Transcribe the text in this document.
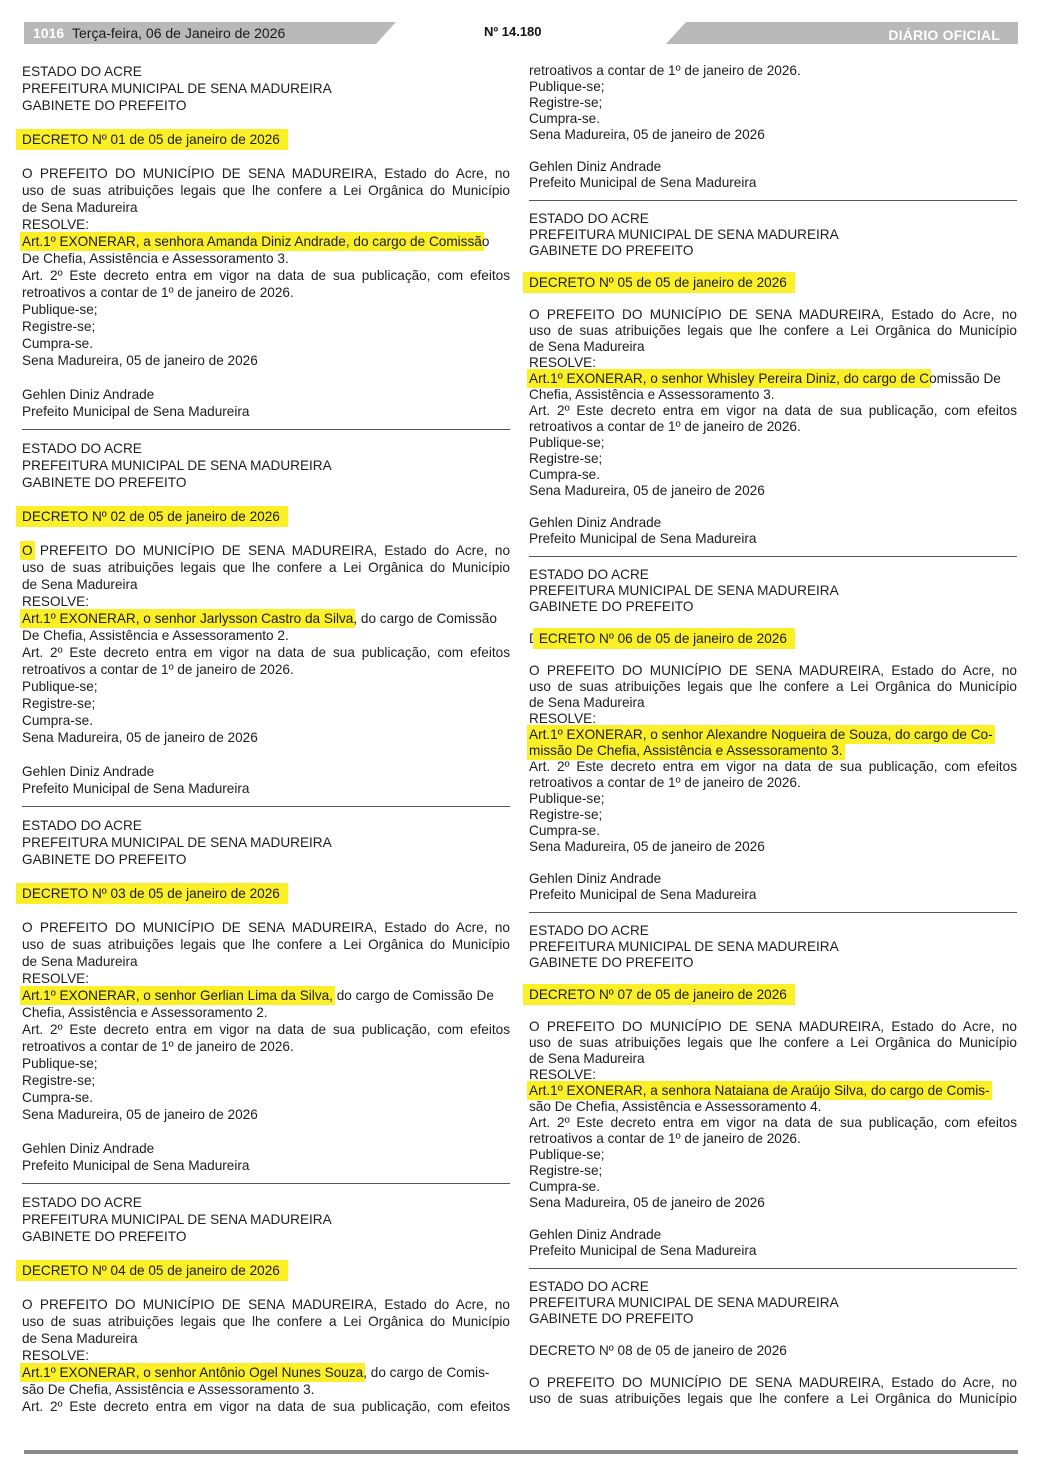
1016 Terça-feira, 06 de Janeiro de 2026	Nº 14.180	DIÁRIO OFICIAL
ESTADO DO ACRE
PREFEITURA MUNICIPAL DE SENA MADUREIRA
GABINETE DO PREFEITO
DECRETO Nº 01 de 05 de janeiro de 2026
O PREFEITO DO MUNICÍPIO DE SENA MADUREIRA, Estado do Acre, no
uso de suas atribuições legais que lhe confere a Lei Orgânica do Município
de Sena Madureira
RESOLVE:
Art.1º EXONERAR, a senhora Amanda Diniz Andrade, do cargo de Comissão
De Chefia, Assistência e Assessoramento 3.
Art. 2º Este decreto entra em vigor na data de sua publicação, com efeitos
retroativos a contar de 1º de janeiro de 2026.
Publique-se;
Registre-se;
Cumpra-se.
Sena Madureira, 05 de janeiro de 2026
Gehlen Diniz Andrade
Prefeito Municipal de Sena Madureira
ESTADO DO ACRE
PREFEITURA MUNICIPAL DE SENA MADUREIRA
GABINETE DO PREFEITO
DECRETO Nº 02 de 05 de janeiro de 2026
O PREFEITO DO MUNICÍPIO DE SENA MADUREIRA, Estado do Acre, no
uso de suas atribuições legais que lhe confere a Lei Orgânica do Município
de Sena Madureira
RESOLVE:
Art.1º EXONERAR, o senhor Jarlysson Castro da Silva, do cargo de Comissão
De Chefia, Assistência e Assessoramento 2.
Art. 2º Este decreto entra em vigor na data de sua publicação, com efeitos
retroativos a contar de 1º de janeiro de 2026.
Publique-se;
Registre-se;
Cumpra-se.
Sena Madureira, 05 de janeiro de 2026
Gehlen Diniz Andrade
Prefeito Municipal de Sena Madureira
ESTADO DO ACRE
PREFEITURA MUNICIPAL DE SENA MADUREIRA
GABINETE DO PREFEITO
DECRETO Nº 03 de 05 de janeiro de 2026
O PREFEITO DO MUNICÍPIO DE SENA MADUREIRA, Estado do Acre, no
uso de suas atribuições legais que lhe confere a Lei Orgânica do Município
de Sena Madureira
RESOLVE:
Art.1º EXONERAR, o senhor Gerlian Lima da Silva, do cargo de Comissão De
Chefia, Assistência e Assessoramento 2.
Art. 2º Este decreto entra em vigor na data de sua publicação, com efeitos
retroativos a contar de 1º de janeiro de 2026.
Publique-se;
Registre-se;
Cumpra-se.
Sena Madureira, 05 de janeiro de 2026
Gehlen Diniz Andrade
Prefeito Municipal de Sena Madureira
ESTADO DO ACRE
PREFEITURA MUNICIPAL DE SENA MADUREIRA
GABINETE DO PREFEITO
DECRETO Nº 04 de 05 de janeiro de 2026
O PREFEITO DO MUNICÍPIO DE SENA MADUREIRA, Estado do Acre, no
uso de suas atribuições legais que lhe confere a Lei Orgânica do Município
de Sena Madureira
RESOLVE:
Art.1º EXONERAR, o senhor Antônio Ogel Nunes Souza, do cargo de Comis-
são De Chefia, Assistência e Assessoramento 3.
Art. 2º Este decreto entra em vigor na data de sua publicação, com efeitos
retroativos a contar de 1º de janeiro de 2026.
Publique-se;
Registre-se;
Cumpra-se.
Sena Madureira, 05 de janeiro de 2026
Gehlen Diniz Andrade
Prefeito Municipal de Sena Madureira
ESTADO DO ACRE
PREFEITURA MUNICIPAL DE SENA MADUREIRA
GABINETE DO PREFEITO
DECRETO Nº 05 de 05 de janeiro de 2026
O PREFEITO DO MUNICÍPIO DE SENA MADUREIRA, Estado do Acre, no
uso de suas atribuições legais que lhe confere a Lei Orgânica do Município
de Sena Madureira
RESOLVE:
Art.1º EXONERAR, o senhor Whisley Pereira Diniz, do cargo de Comissão De
Chefia, Assistência e Assessoramento 3.
Art. 2º Este decreto entra em vigor na data de sua publicação, com efeitos
retroativos a contar de 1º de janeiro de 2026.
Publique-se;
Registre-se;
Cumpra-se.
Sena Madureira, 05 de janeiro de 2026
Gehlen Diniz Andrade
Prefeito Municipal de Sena Madureira
ESTADO DO ACRE
PREFEITURA MUNICIPAL DE SENA MADUREIRA
GABINETE DO PREFEITO
DECRETO Nº 06 de 05 de janeiro de 2026
O PREFEITO DO MUNICÍPIO DE SENA MADUREIRA, Estado do Acre, no
uso de suas atribuições legais que lhe confere a Lei Orgânica do Município
de Sena Madureira
RESOLVE:
Art.1º EXONERAR, o senhor Alexandre Nogueira de Souza, do cargo de Co-
missão De Chefia, Assistência e Assessoramento 3.
Art. 2º Este decreto entra em vigor na data de sua publicação, com efeitos
retroativos a contar de 1º de janeiro de 2026.
Publique-se;
Registre-se;
Cumpra-se.
Sena Madureira, 05 de janeiro de 2026
Gehlen Diniz Andrade
Prefeito Municipal de Sena Madureira
ESTADO DO ACRE
PREFEITURA MUNICIPAL DE SENA MADUREIRA
GABINETE DO PREFEITO
DECRETO Nº 07 de 05 de janeiro de 2026
O PREFEITO DO MUNICÍPIO DE SENA MADUREIRA, Estado do Acre, no
uso de suas atribuições legais que lhe confere a Lei Orgânica do Município
de Sena Madureira
RESOLVE:
Art.1º EXONERAR, a senhora Nataiana de Araújo Silva, do cargo de Comis-
são De Chefia, Assistência e Assessoramento 4.
Art. 2º Este decreto entra em vigor na data de sua publicação, com efeitos
retroativos a contar de 1º de janeiro de 2026.
Publique-se;
Registre-se;
Cumpra-se.
Sena Madureira, 05 de janeiro de 2026
Gehlen Diniz Andrade
Prefeito Municipal de Sena Madureira
ESTADO DO ACRE
PREFEITURA MUNICIPAL DE SENA MADUREIRA
GABINETE DO PREFEITO
DECRETO Nº 08 de 05 de janeiro de 2026
O PREFEITO DO MUNICÍPIO DE SENA MADUREIRA, Estado do Acre, no
uso de suas atribuições legais que lhe confere a Lei Orgânica do Município
